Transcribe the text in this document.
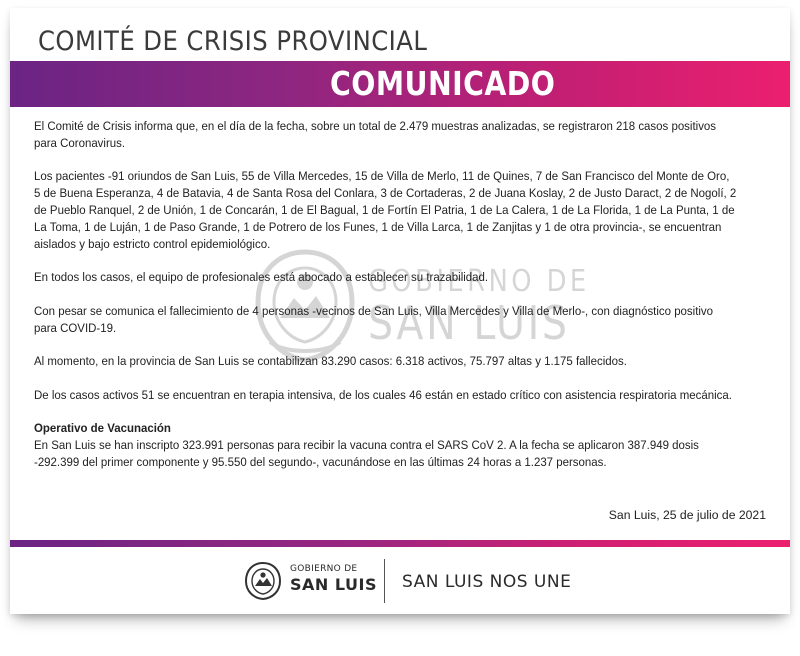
COMITÉ DE CRISIS PROVINCIAL
COMUNICADO
GOBIERNO DE
SAN LUIS

El Comité de Crisis informa que, en el día de la fecha, sobre un total de 2.479 muestras analizadas, se registraron 218 casos positivos para Coronavirus.

Los pacientes -91 oriundos de San Luis, 55 de Villa Mercedes, 15 de Villa de Merlo, 11 de Quines, 7 de San Francisco del Monte de Oro, 5 de Buena Esperanza, 4 de Batavia, 4 de Santa Rosa del Conlara, 3 de Cortaderas, 2 de Juana Koslay, 2 de Justo Daract, 2 de Nogolí, 2 de Pueblo Ranquel, 2 de Unión, 1 de Concarán, 1 de El Bagual, 1 de Fortín El Patria, 1 de La Calera, 1 de La Florida, 1 de La Punta, 1 de La Toma, 1 de Luján, 1 de Paso Grande, 1 de Potrero de los Funes, 1 de Villa Larca, 1 de Zanjitas y 1 de otra provincia-, se encuentran aislados y bajo estricto control epidemiológico.

En todos los casos, el equipo de profesionales está abocado a establecer su trazabilidad.

Con pesar se comunica el fallecimiento de 4 personas -vecinos de San Luis, Villa Mercedes y Villa de Merlo-, con diagnóstico positivo para COVID-19.

Al momento, en la provincia de San Luis se contabilizan 83.290 casos: 6.318 activos, 75.797 altas y 1.175 fallecidos.

De los casos activos 51 se encuentran en terapia intensiva, de los cuales 46 están en estado crítico con asistencia respiratoria mecánica.

Operativo de Vacunación
En San Luis se han inscripto 323.991 personas para recibir la vacuna contra el SARS CoV 2. A la fecha se aplicaron 387.949 dosis -292.399 del primer componente y 95.550 del segundo-, vacunándose en las últimas 24 horas a 1.237 personas.
San Luis, 25 de julio de 2021
GOBIERNO DE
SAN LUIS SAN LUIS NOS UNE
